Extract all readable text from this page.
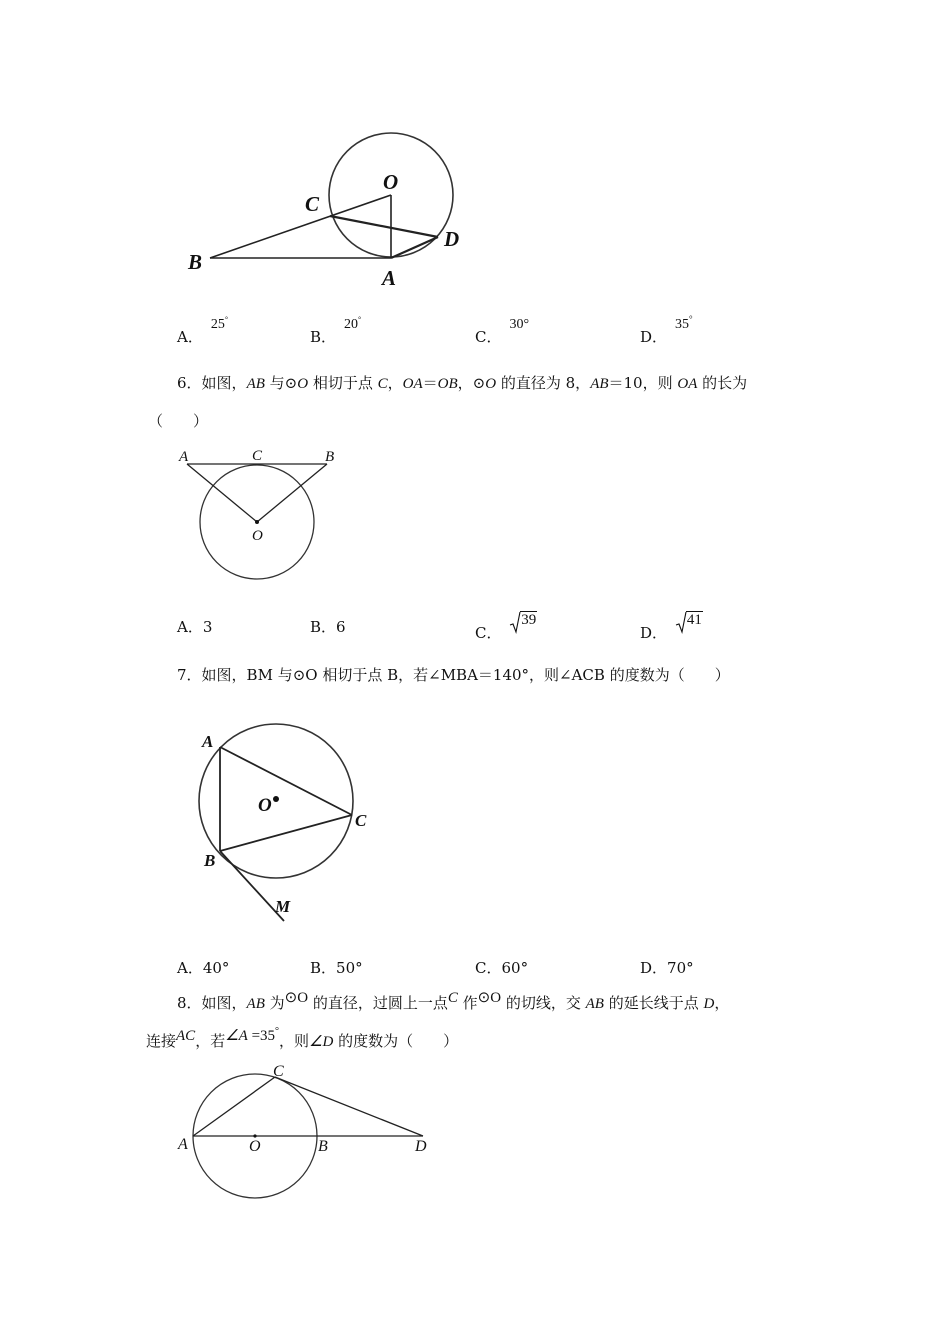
O
C
D
B
A
A．25°
B．20°
C．30°
D．35°
6．如图，AB 与⊙O 相切于点 C，OA＝OB，⊙O 的直径为 8，AB＝10，则 OA 的长为
（　　）
A	C	B
O
A．3	B．6	C． 39
D． 41
7．如图，BM 与⊙O 相切于点 B，若∠MBA＝140°，则∠ACB 的度数为（　　）
A
O
C
B
M
A．40°	B．50°	C．60°	D．70°
8．如图，AB 为⊙O 的直径，过圆上一点C 作⊙O 的切线，交 AB 的延长线于点 D，
连接AC，若∠A =35°，则∠D 的度数为（　　）
C
A	O	B	D
